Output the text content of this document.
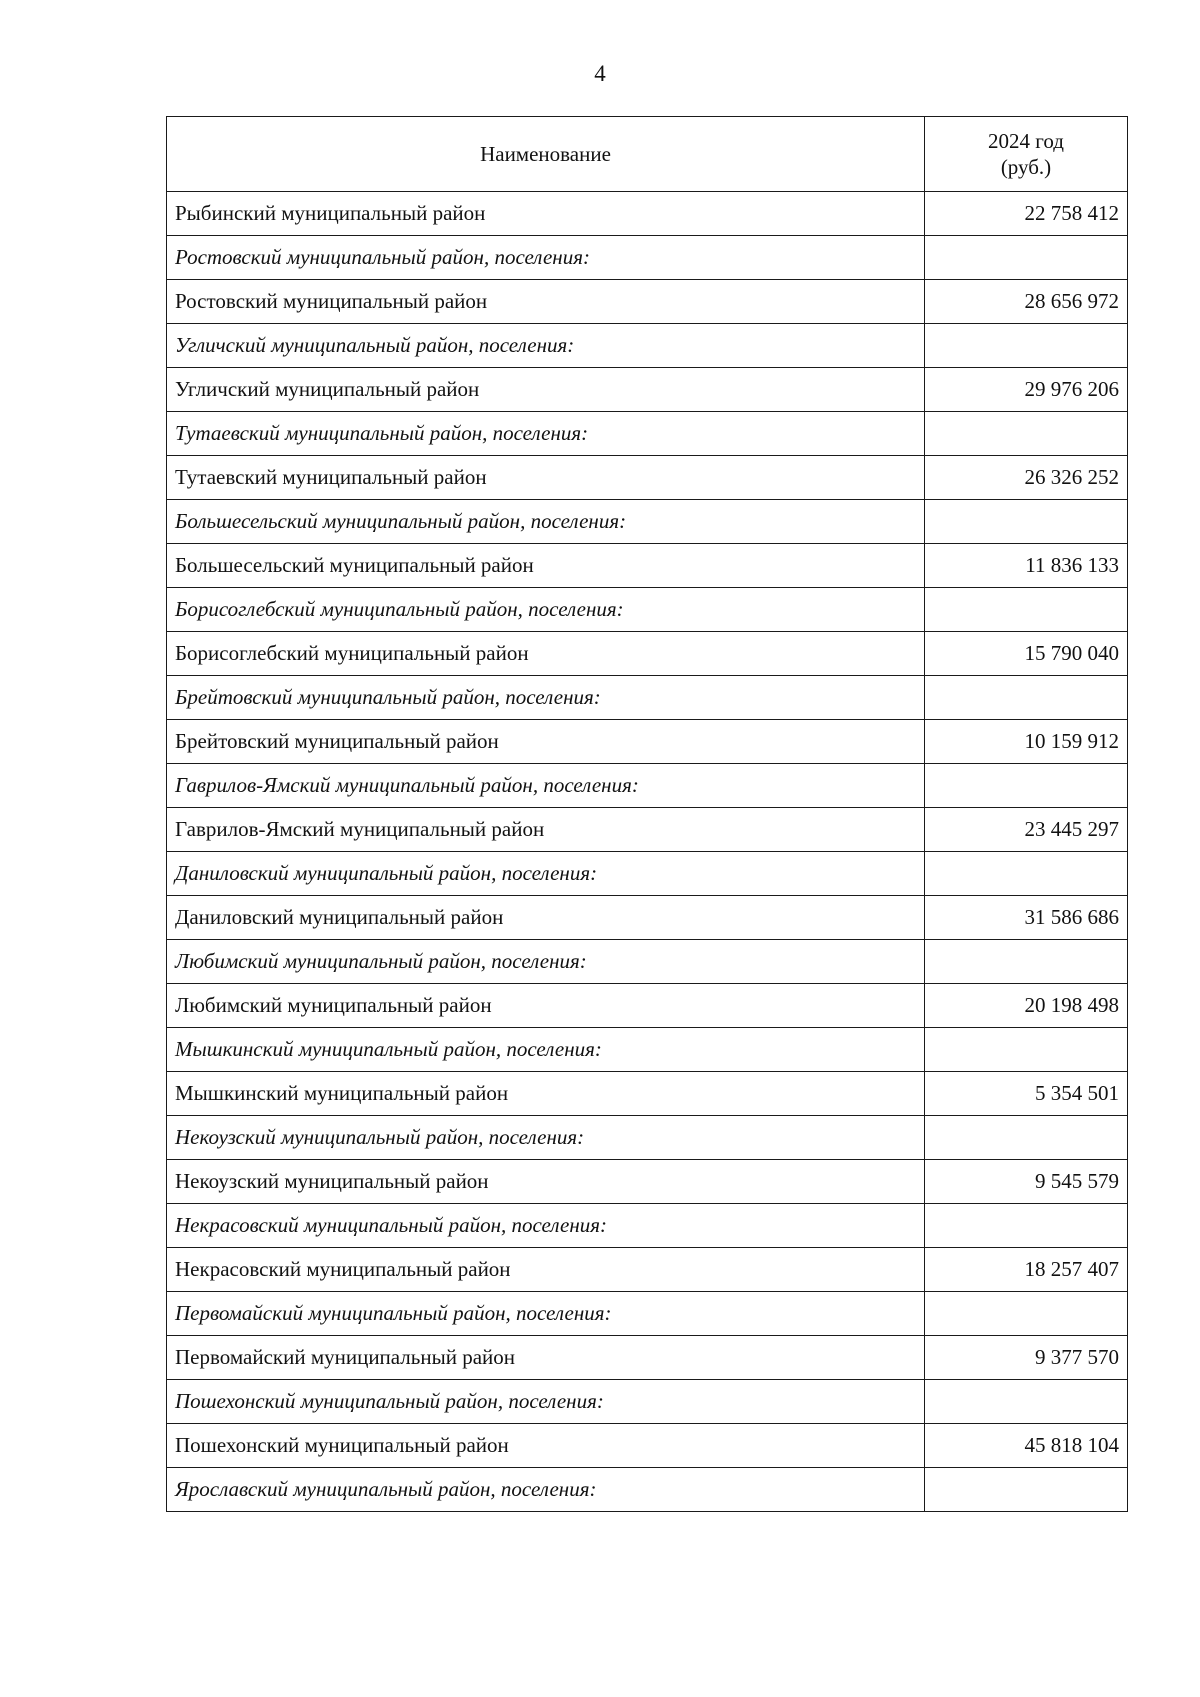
4
Наименование	2024 год
(руб.)

Рыбинский муниципальный район	22 758 412
Ростовский муниципальный район, поселения:	
Ростовский муниципальный район	28 656 972
Угличский муниципальный район, поселения:	
Угличский муниципальный район	29 976 206
Тутаевский муниципальный район, поселения:	
Тутаевский муниципальный район	26 326 252
Большесельский муниципальный район, поселения:	
Большесельский муниципальный район	11 836 133
Борисоглебский муниципальный район, поселения:	
Борисоглебский муниципальный район	15 790 040
Брейтовский муниципальный район, поселения:	
Брейтовский муниципальный район	10 159 912
Гаврилов-Ямский муниципальный район, поселения:	
Гаврилов-Ямский муниципальный район	23 445 297
Даниловский муниципальный район, поселения:	
Даниловский муниципальный район	31 586 686
Любимский муниципальный район, поселения:	
Любимский муниципальный район	20 198 498
Мышкинский муниципальный район, поселения:	
Мышкинский муниципальный район	5 354 501
Некоузский муниципальный район, поселения:	
Некоузский муниципальный район	9 545 579
Некрасовский муниципальный район, поселения:	
Некрасовский муниципальный район	18 257 407
Первомайский муниципальный район, поселения:	
Первомайский муниципальный район	9 377 570
Пошехонский муниципальный район, поселения:	
Пошехонский муниципальный район	45 818 104
Ярославский муниципальный район, поселения:	
